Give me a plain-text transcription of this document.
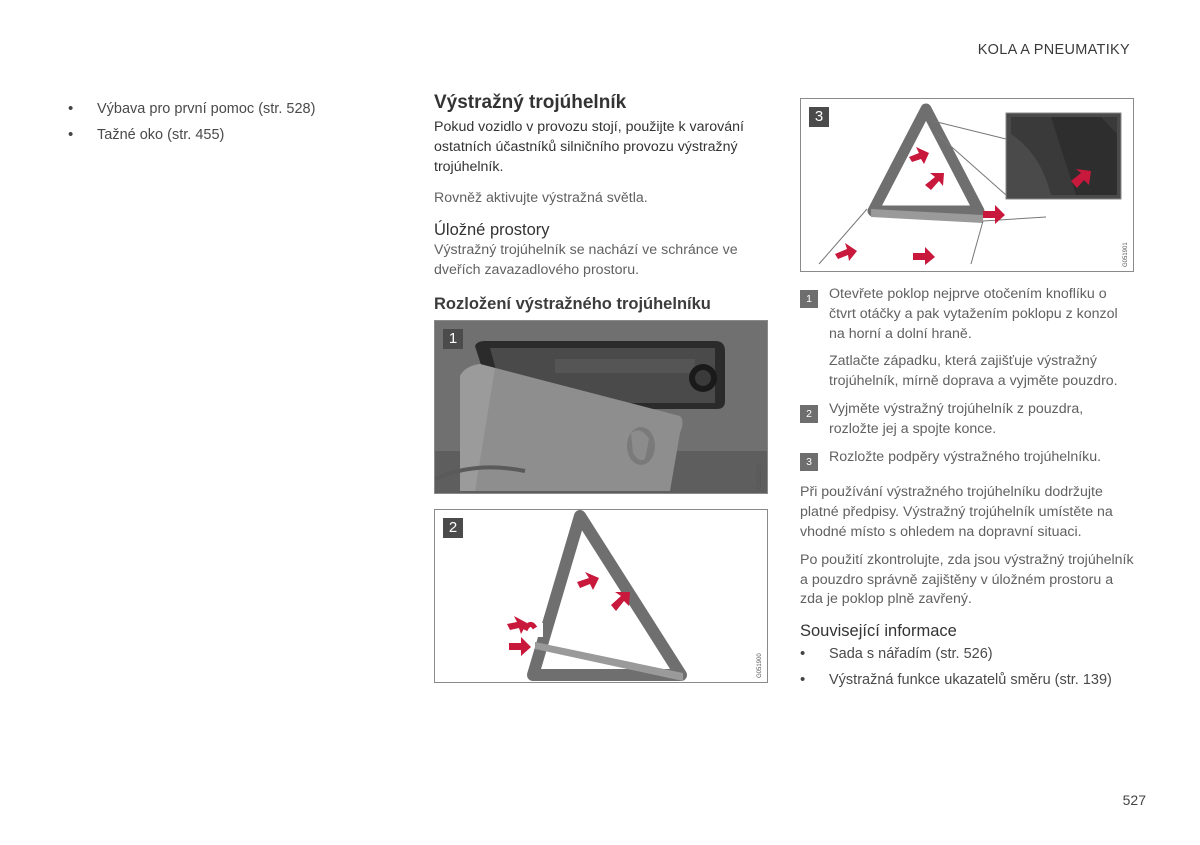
KOLA A PNEUMATIKY
• Výbava pro první pomoc (str. 528)
• Tažné oko (str. 455)
Výstražný trojúhelník

Pokud vozidlo v provozu stojí, použijte k varování ostatních účastníků silničního provozu výstražný trojúhelník.

Rovněž aktivujte výstražná světla.

Úložné prostory

Výstražný trojúhelník se nachází ve schránce ve dveřích zavazadlového prostoru.

Rozložení výstražného trojúhelníku
1
G051878
2
G051900
3
G051901
1	Otevřete poklop nejprve otočením knoflíku o čtvrt otáčky a pak vytažením poklopu z konzol na horní a dolní hraně.

Zatlačte západku, která zajišťuje výstražný trojúhelník, mírně doprava a vyjměte pouzdro.

2	Vyjměte výstražný trojúhelník z pouzdra, rozložte jej a spojte konce.

3	Rozložte podpěry výstražného trojúhelníku.

Při používání výstražného trojúhelníku dodržujte platné předpisy. Výstražný trojúhelník umístěte na vhodné místo s ohledem na dopravní situaci.

Po použití zkontrolujte, zda jsou výstražný trojúhelník a pouzdro správně zajištěny v úložném prostoru a zda je poklop plně zavřený.

Související informace
• Sada s nářadím (str. 526)
• Výstražná funkce ukazatelů směru (str. 139)
527
